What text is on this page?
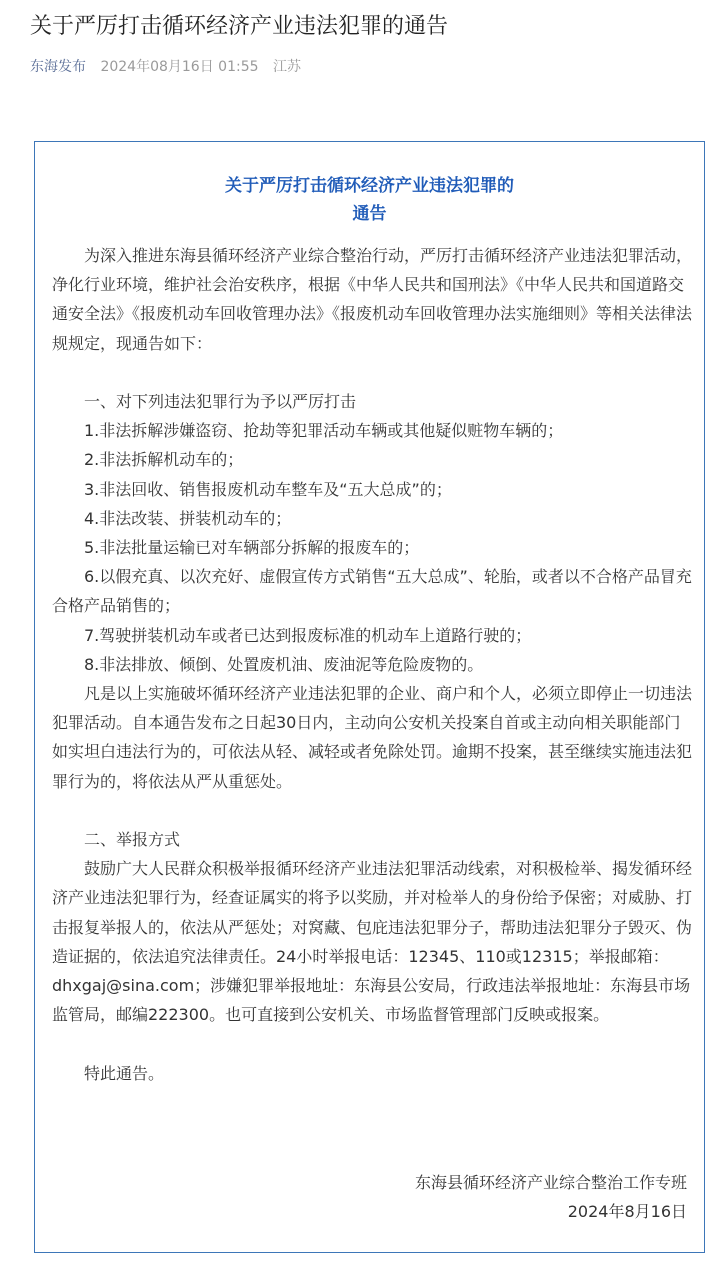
关于严厉打击循环经济产业违法犯罪的通告
东海发布 2024年08月16日 01:55 江苏
关于严厉打击循环经济产业违法犯罪的
通告

为深入推进东海县循环经济产业综合整治行动，严厉打击循环经济产业违法犯罪活动，净化行业环境，维护社会治安秩序，根据《中华人民共和国刑法》《中华人民共和国道路交通安全法》《报废机动车回收管理办法》《报废机动车回收管理办法实施细则》等相关法律法规规定，现通告如下：

一、对下列违法犯罪行为予以严厉打击

1.非法拆解涉嫌盗窃、抢劫等犯罪活动车辆或其他疑似赃物车辆的；

2.非法拆解机动车的；

3.非法回收、销售报废机动车整车及“五大总成”的；

4.非法改装、拼装机动车的；

5.非法批量运输已对车辆部分拆解的报废车的；

6.以假充真、以次充好、虚假宣传方式销售“五大总成”、轮胎，或者以不合格产品冒充合格产品销售的；

7.驾驶拼装机动车或者已达到报废标准的机动车上道路行驶的；

8.非法排放、倾倒、处置废机油、废油泥等危险废物的。

凡是以上实施破坏循环经济产业违法犯罪的企业、商户和个人，必须立即停止一切违法犯罪活动。自本通告发布之日起30日内，主动向公安机关投案自首或主动向相关职能部门如实坦白违法行为的，可依法从轻、减轻或者免除处罚。逾期不投案，甚至继续实施违法犯罪行为的，将依法从严从重惩处。

二、举报方式

鼓励广大人民群众积极举报循环经济产业违法犯罪活动线索，对积极检举、揭发循环经济产业违法犯罪行为，经查证属实的将予以奖励，并对检举人的身份给予保密；对威胁、打击报复举报人的，依法从严惩处；对窝藏、包庇违法犯罪分子，帮助违法犯罪分子毁灭、伪造证据的，依法追究法律责任。24小时举报电话：12345、110或12315；举报邮箱：dhxgaj@sina.com；涉嫌犯罪举报地址：东海县公安局，行政违法举报地址：东海县市场监管局，邮编222300。也可直接到公安机关、市场监督管理部门反映或报案。

特此通告。

东海县循环经济产业综合整治工作专班
2024年8月16日
